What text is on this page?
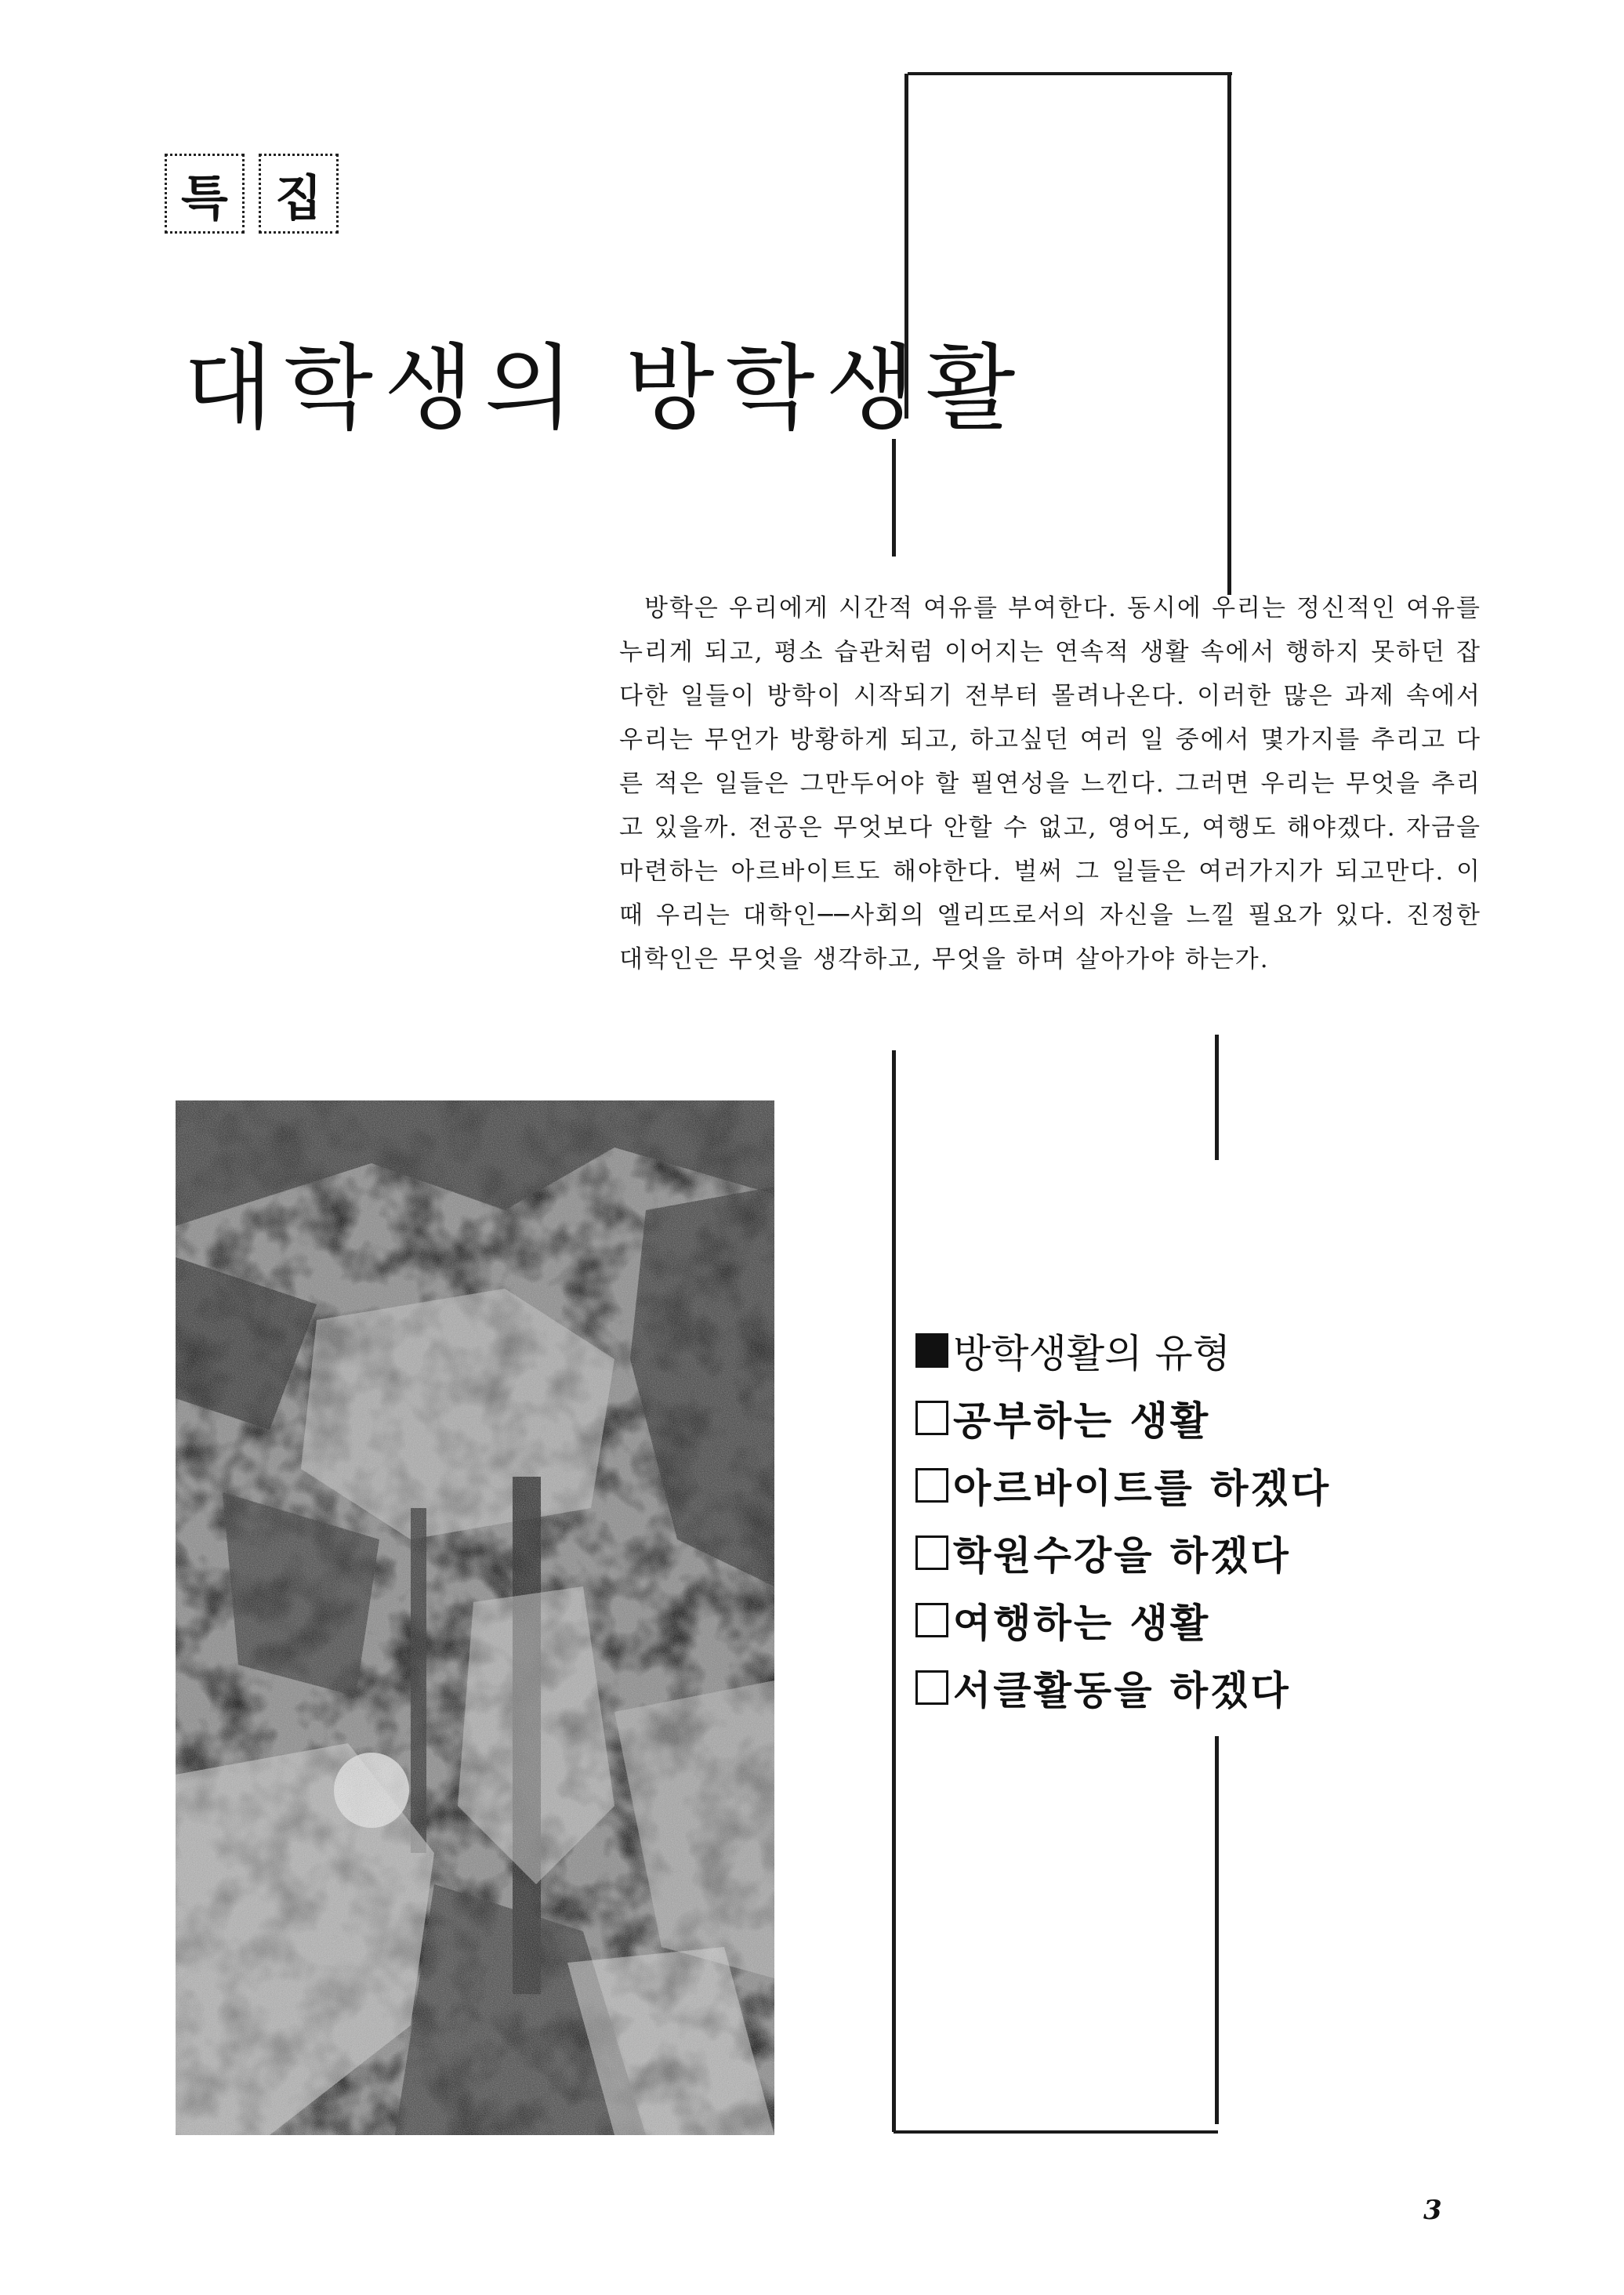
특 집
대학생의 방학생활

방학은 우리에게 시간적 여유를 부여한다. 동시에 우리는 정신적인 여유를 누리게 되고, 평소 습관처럼 이어지는 연속적 생활 속에서 행하지 못하던 잡다한 일들이 방학이 시작되기 전부터 몰려나온다. 이러한 많은 과제 속에서 우리는 무언가 방황하게 되고, 하고싶던 여러 일 중에서 몇가지를 추리고 다른 적은 일들은 그만두어야 할 필연성을 느낀다. 그러면 우리는 무엇을 추리고 있을까. 전공은 무엇보다 안할 수 없고, 영어도, 여행도 해야겠다. 자금을 마련하는 아르바이트도 해야한다. 벌써 그 일들은 여러가지가 되고만다. 이 때 우리는 대학인──사회의 엘리뜨로서의 자신을 느낄 필요가 있다. 진정한 대학인은 무엇을 생각하고, 무엇을 하며 살아가야 하는가.

방학생활의 유형
공부하는 생활
아르바이트를 하겠다
학원수강을 하겠다
여행하는 생활
서클활동을 하겠다
3
